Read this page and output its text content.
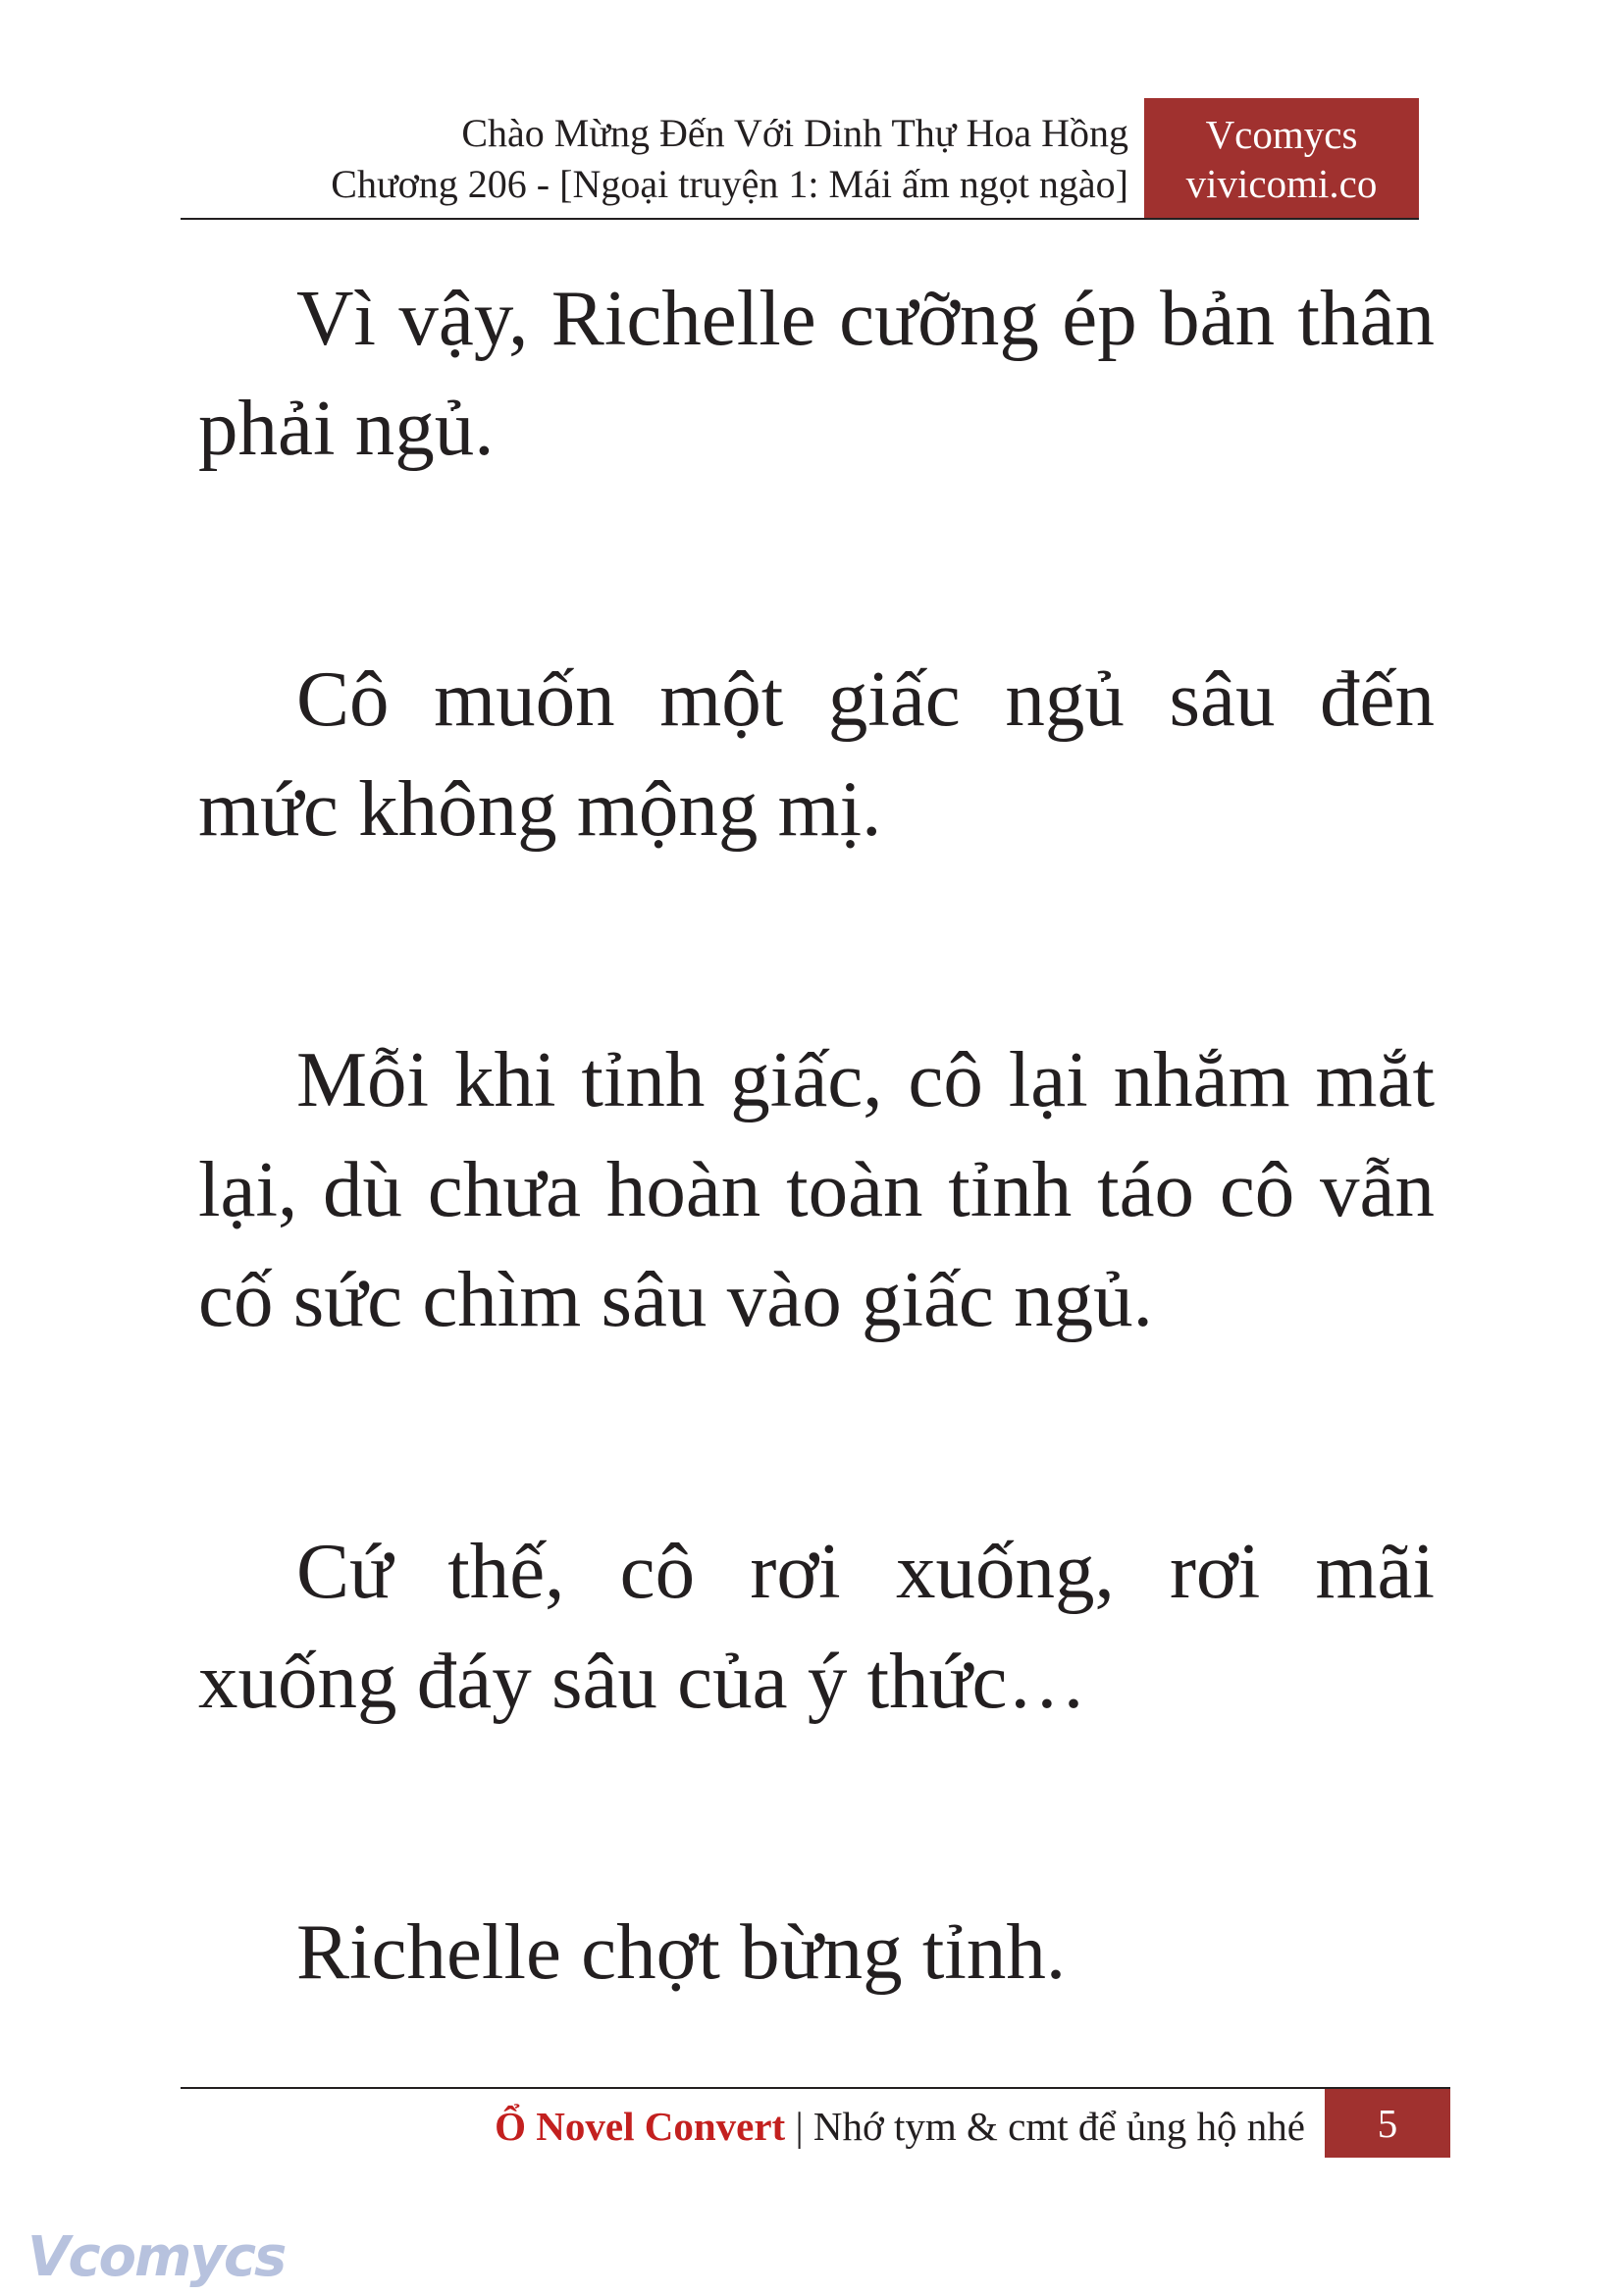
Chào Mừng Đến Với Dinh Thự Hoa Hồng
Chương 206 - [Ngoại truyện 1: Mái ấm ngọt ngào]
Vcomycs
vivicomi.co

Vì vậy, Richelle cưỡng ép bản thân phải ngủ.

Cô muốn một giấc ngủ sâu đến mức không mộng mị.

Mỗi khi tỉnh giấc, cô lại nhắm mắt lại, dù chưa hoàn toàn tỉnh táo cô vẫn cố sức chìm sâu vào giấc ngủ.

Cứ thế, cô rơi xuống, rơi mãi xuống đáy sâu của ý thức…

Richelle chợt bừng tỉnh.

Ổ Novel Convert | Nhớ tym & cmt để ủng hộ nhé	5
Vcomycs
